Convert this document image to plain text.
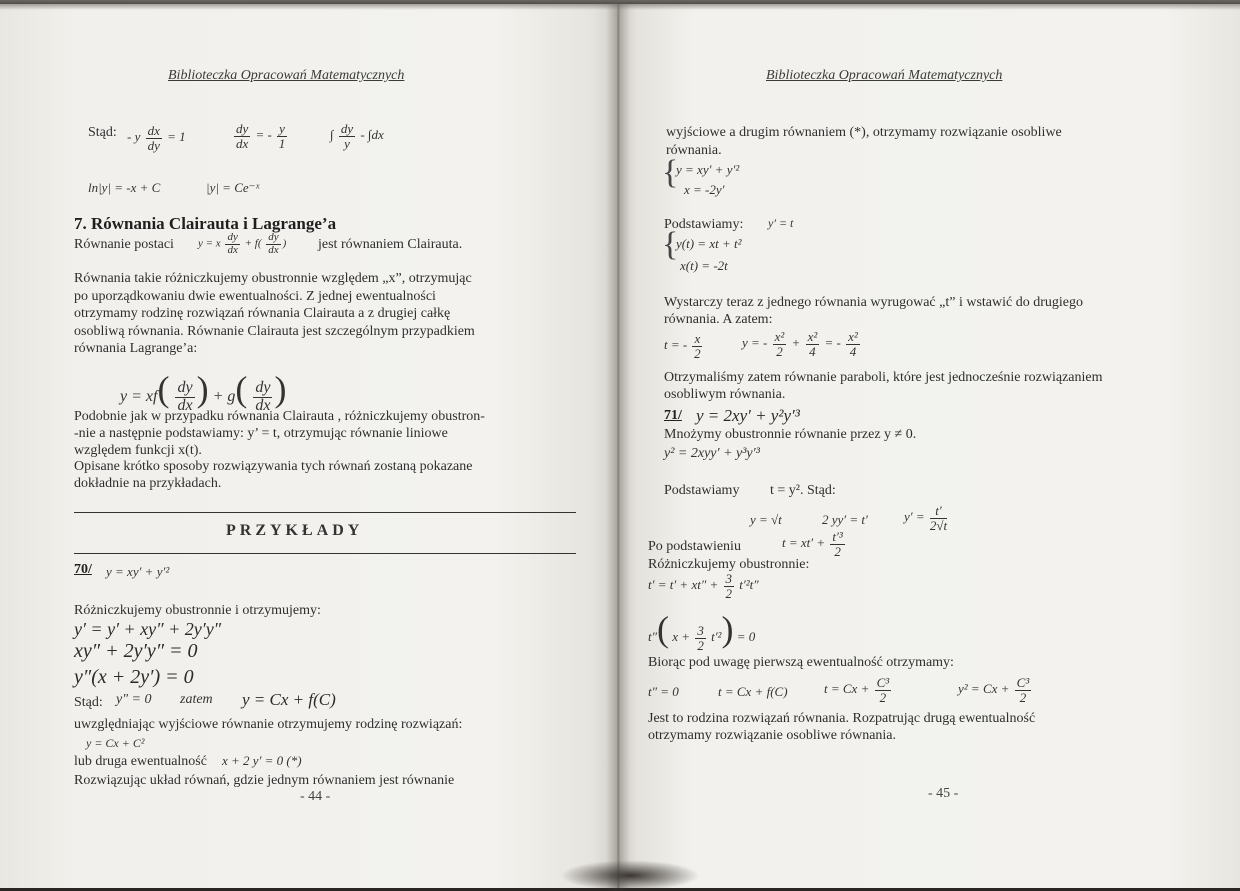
Biblioteczka Opracowań Matematycznych
Stąd: - y $\frac{dx}{dy} = 1$	$\frac{dy}{dx}$ = - $\frac{y}{1}$	∫ $\frac{dy}{y} - \int dx$
ln|y| = -x + C	|y| = Ce⁻ˣ
7. Równania Clairauta i Lagrange’a
Równanie postaci y = x $\frac{dy}{dx} + f( \frac{dy}{dx}$ ) jest równaniem Clairauta.
Równania takie różniczkujemy obustronnie względem „x”, otrzymując
po uporządkowaniu dwie ewentualności. Z jednej ewentualności
otrzymamy rodzinę rozwiązań równania Clairauta a z drugiej całkę
osobliwą równania. Równanie Clairauta jest szczególnym przypadkiem
równania Lagrange’a:
$y = xf( \frac{dy}{dx}$ ) + $g( \frac{dy}{dx}$ )
Podobnie jak w przypadku równania Clairauta , różniczkujemy obustron-
-nie a następnie podstawiamy: y’ = t, otrzymując równanie liniowe
względem funkcji x(t).
Opisane krótko sposoby rozwiązywania tych równań zostaną pokazane
dokładnie na przykładach.
PRZYKŁADY
70/ y = xy′ + y′²
Różniczkujemy obustronnie i otrzymujemy:
y′ = y′ + xy″ + 2y′y″
xy″ + 2y′y″ = 0
y″(x + 2y′) = 0
Stąd: y″ = 0 zatem y = Cx + f(C)
uwzględniając wyjściowe równanie otrzymujemy rodzinę rozwiązań:
y = Cx + C²
lub druga ewentualność x + 2 y′ = 0 (*)
Rozwiązując układ równań, gdzie jednym równaniem jest równanie
- 44 -
Biblioteczka Opracowań Matematycznych
wyjściowe a drugim równaniem (*), otrzymamy rozwiązanie osobliwe
równania.
{
y = xy′ + y′²
x = -2y′
Podstawiamy: y′ = t
{
y(t) = xt + t²
x(t) = -2t
Wystarczy teraz z jednego równania wyrugować „t” i wstawić do drugiego
równania. A zatem:
t = - $\frac{x}{2}$	y = - $\frac{\text{x²}}{2} + \frac{\text{x²}}{4}$ = - $\frac{\text{x²}}{4}$
Otrzymaliśmy zatem równanie paraboli, które jest jednocześnie rozwiązaniem
osobliwym równania.
71/ y = 2xy′ + y²y′³
Mnożymy obustronnie równanie przez y ≠ 0.
y² = 2xyy′ + y³y′³
Podstawiamy t = y². Stąd:
y = √t	2 yy′ = t′	$y' = \frac{t'}{2√t}$
Po podstawieniu	$t = xt' + \frac{\text{t′³}}{2}$
Różniczkujemy obustronnie:
$t' = t' + xt'' + \frac{3}{2} t'^2t''$
t″( $x + \frac{3}{2} t'^2) = 0$
Biorąc pod uwagę pierwszą ewentualność otrzymamy:
t″ = 0	t = Cx + f(C)	$t = Cx + \frac{\text{C³}}{2}$	$y^2 = Cx + \frac{\text{C³}}{2}$
Jest to rodzina rozwiązań równania. Rozpatrując drugą ewentualność
otrzymamy rozwiązanie osobliwe równania.
- 45 -
